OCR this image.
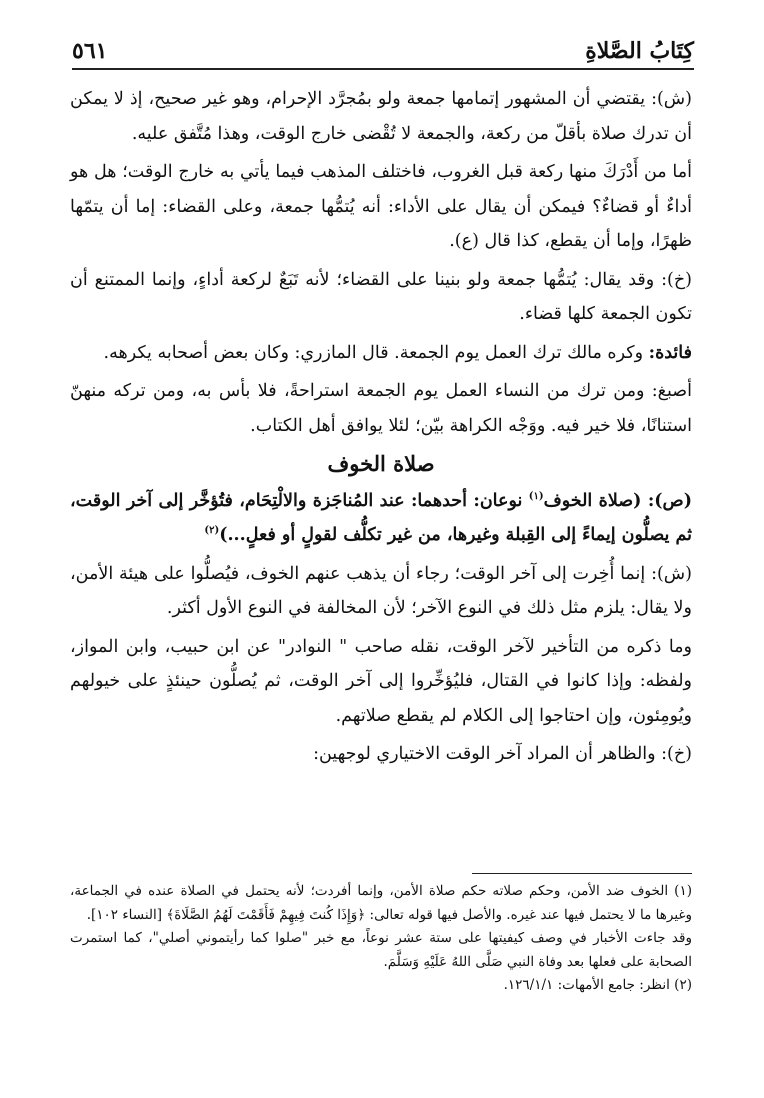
كِتَابُ الصَّلاةِ
٥٦١

(ش): يقتضي أن المشهور إتمامها جمعة ولو بمُجرَّد الإحرام، وهو غير صحيح، إذ لا يمكن أن تدرك صلاة بأقلّ من ركعة، والجمعة لا تُقْضى خارج الوقت، وهذا مُتَّفق عليه.

أما من أَدْرَكَ منها ركعة قبل الغروب، فاختلف المذهب فيما يأتي به خارج الوقت؛ هل هو أداءٌ أو قضاءٌ؟ فيمكن أن يقال على الأداء: أنه يُتمُّها جمعة، وعلى القضاء: إما أن يتمّها ظهرًا، وإما أن يقطع، كذا قال (ع).

(خ): وقد يقال: يُتمُّها جمعة ولو بنينا على القضاء؛ لأنه تَبَعٌ لركعة أداءٍ، وإنما الممتنع أن تكون الجمعة كلها قضاء.

فائدة: وكره مالك ترك العمل يوم الجمعة. قال المازري: وكان بعض أصحابه يكرهه.

أصبغ: ومن ترك من النساء العمل يوم الجمعة استراحةً، فلا بأس به، ومن تركه منهنّ استنانًا، فلا خير فيه. ووَجْه الكراهة بيّن؛ لئلا يوافق أهل الكتاب.

صلاة الخوف

(ص): (صلاة الخوف$^{(١)}$ نوعان: أحدهما: عند المُناجَزة والالْتِحَام، فتُؤخَّر إلى آخر الوقت، ثم يصلُّون إيماءً إلى القِبلة وغيرها، من غير تكلُّف لقولٍ أو فعلٍ...)$^{(٢)}$

(ش): إنما أُخِرت إلى آخر الوقت؛ رجاء أن يذهب عنهم الخوف، فيُصلُّوا على هيئة الأمن، ولا يقال: يلزم مثل ذلك في النوع الآخر؛ لأن المخالفة في النوع الأول أكثر.

وما ذكره من التأخير لآخر الوقت، نقله صاحب " النوادر" عن ابن حبيب، وابن المواز، ولفظه: وإذا كانوا في القتال، فليُؤخِّروا إلى آخر الوقت، ثم يُصلُّون حينئذٍ على خيولهم ويُومِئون، وإن احتاجوا إلى الكلام لم يقطع صلاتهم.

(خ): والظاهر أن المراد آخر الوقت الاختياري لوجهين:

(١) الخوف ضد الأمن، وحكم صلاته حكم صلاة الأمن، وإنما أفردت؛ لأنه يحتمل في الصلاة عنده في الجماعة، وغيرها ما لا يحتمل فيها عند غيره. والأصل فيها قوله تعالى: ﴿وَإِذَا كُنتَ فِيهِمْ فَأَقَمْتَ لَهُمُ الصَّلَاةَ﴾ [النساء ١٠٢].

وقد جاءت الأخبار في وصف كيفيتها على ستة عشر نوعاً، مع خبر "صلوا كما رأيتموني أصلي"، كما استمرت الصحابة على فعلها بعد وفاة النبي صَلَّى اللهُ عَلَيْهِ وَسَلَّمَ.

(٢) انظر: جامع الأمهات: ١٢٦/١/١.
